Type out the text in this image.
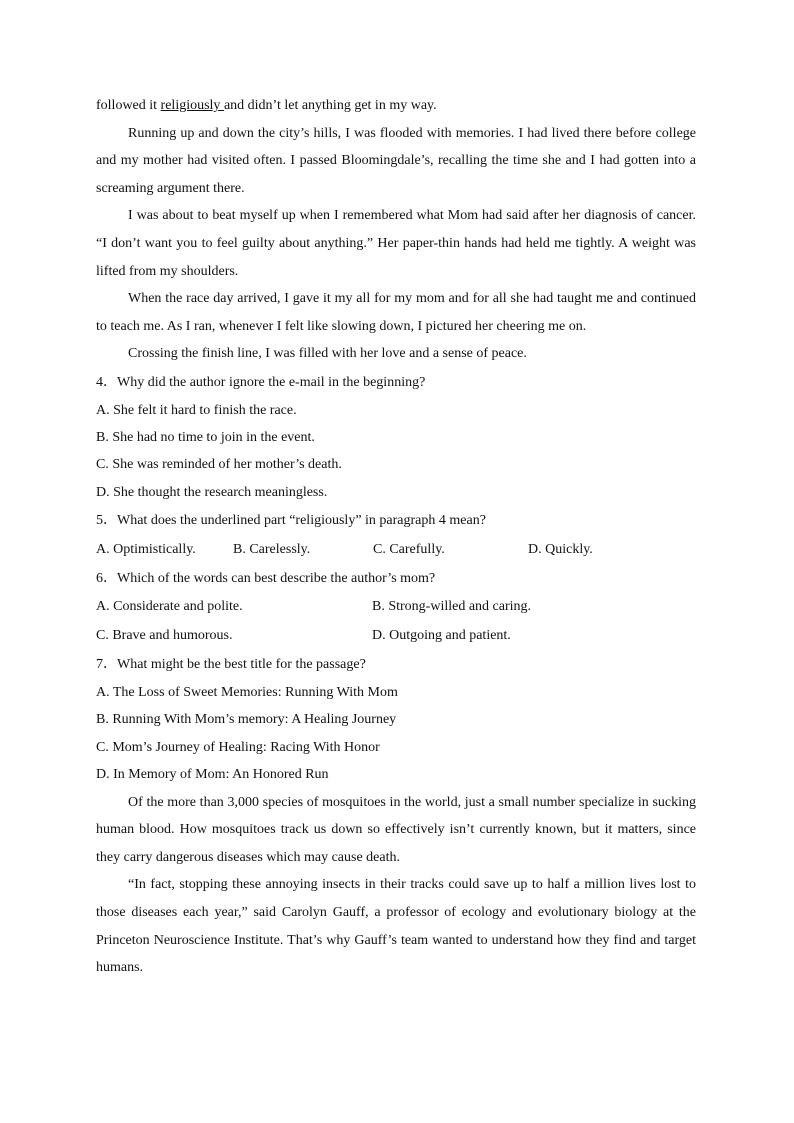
followed it religiously and didn’t let anything get in my way.

Running up and down the city’s hills, I was flooded with memories. I had lived there before college and my mother had visited often. I passed Bloomingdale’s, recalling the time she and I had gotten into a screaming argument there.

I was about to beat myself up when I remembered what Mom had said after her diagnosis of cancer. “I don’t want you to feel guilty about anything.” Her paper-thin hands had held me tightly. A weight was lifted from my shoulders.

When the race day arrived, I gave it my all for my mom and for all she had taught me and continued to teach me. As I ran, whenever I felt like slowing down, I pictured her cheering me on.

Crossing the finish line, I was filled with her love and a sense of peace.

4．Why did the author ignore the e-mail in the beginning?

A. She felt it hard to finish the race.

B. She had no time to join in the event.

C. She was reminded of her mother’s death.

D. She thought the research meaningless.

5．What does the underlined part “religiously” in paragraph 4 mean?

A. Optimistically.	B. Carelessly.	C. Carefully.	D. Quickly.

6．Which of the words can best describe the author’s mom?

A. Considerate and polite.	B. Strong-willed and caring.
C. Brave and humorous.	D. Outgoing and patient.

7．What might be the best title for the passage?

A. The Loss of Sweet Memories: Running With Mom

B. Running With Mom’s memory: A Healing Journey

C. Mom’s Journey of Healing: Racing With Honor

D. In Memory of Mom: An Honored Run

Of the more than 3,000 species of mosquitoes in the world, just a small number specialize in sucking human blood. How mosquitoes track us down so effectively isn’t currently known, but it matters, since they carry dangerous diseases which may cause death.

“In fact, stopping these annoying insects in their tracks could save up to half a million lives lost to those diseases each year,” said Carolyn Gauff, a professor of ecology and evolutionary biology at the Princeton Neuroscience Institute. That’s why Gauff’s team wanted to understand how they find and target humans.
